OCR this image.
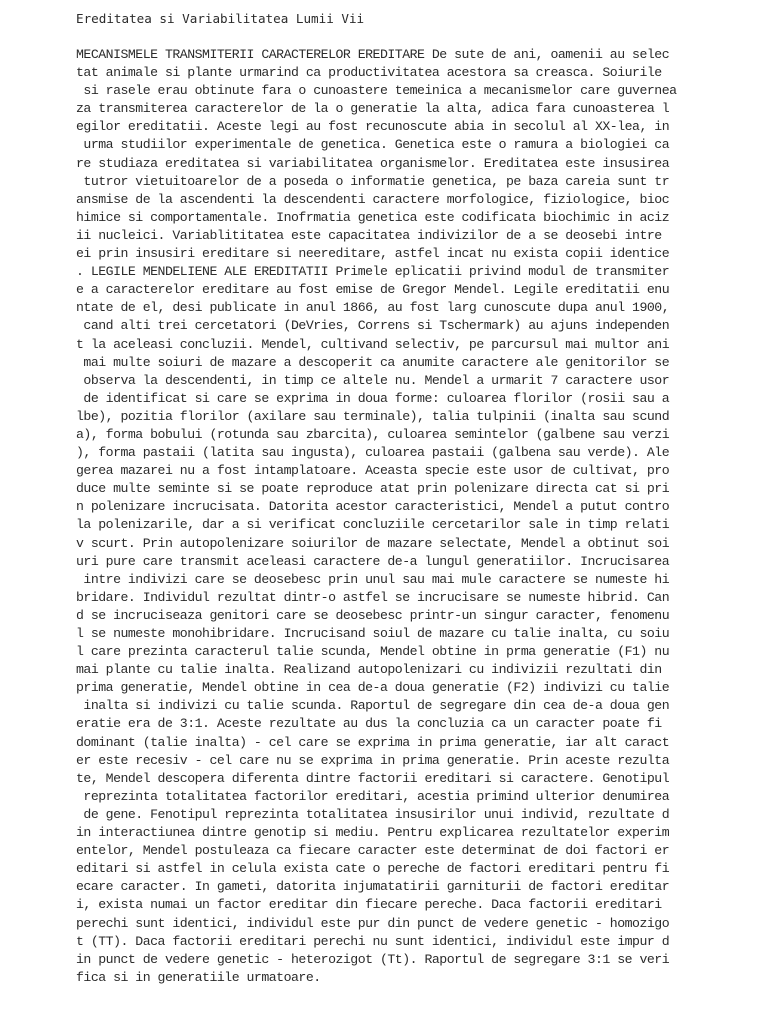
Ereditatea si Variabilitatea Lumii Vii
MECANISMELE TRANSMITERII CARACTERELOR EREDITARE De sute de ani, oamenii au selec
tat animale si plante urmarind ca productivitatea acestora sa creasca. Soiurile
si rasele erau obtinute fara o cunoastere temeinica a mecanismelor care guvernea
za transmiterea caracterelor de la o generatie la alta, adica fara cunoasterea l
egilor ereditatii. Aceste legi au fost recunoscute abia in secolul al XX-lea, in
urma studiilor experimentale de genetica. Genetica este o ramura a biologiei ca
re studiaza ereditatea si variabilitatea organismelor. Ereditatea este insusirea
tutror vietuitoarelor de a poseda o informatie genetica, pe baza careia sunt tr
ansmise de la ascendenti la descendenti caractere morfologice, fiziologice, bioc
himice si comportamentale. Inofrmatia genetica este codificata biochimic in aciz
ii nucleici. Variablititatea este capacitatea indivizilor de a se deosebi intre
ei prin insusiri ereditare si neereditare, astfel incat nu exista copii identice
. LEGILE MENDELIENE ALE EREDITATII Primele eplicatii privind modul de transmiter
e a caracterelor ereditare au fost emise de Gregor Mendel. Legile ereditatii enu
ntate de el, desi publicate in anul 1866, au fost larg cunoscute dupa anul 1900,
cand alti trei cercetatori (DeVries, Correns si Tschermark) au ajuns independen
t la aceleasi concluzii. Mendel, cultivand selectiv, pe parcursul mai multor ani
mai multe soiuri de mazare a descoperit ca anumite caractere ale genitorilor se
observa la descendenti, in timp ce altele nu. Mendel a urmarit 7 caractere usor
de identificat si care se exprima in doua forme: culoarea florilor (rosii sau a
lbe), pozitia florilor (axilare sau terminale), talia tulpinii (inalta sau scund
a), forma bobului (rotunda sau zbarcita), culoarea semintelor (galbene sau verzi
), forma pastaii (latita sau ingusta), culoarea pastaii (galbena sau verde). Ale
gerea mazarei nu a fost intamplatoare. Aceasta specie este usor de cultivat, pro
duce multe seminte si se poate reproduce atat prin polenizare directa cat si pri
n polenizare incrucisata. Datorita acestor caracteristici, Mendel a putut contro
la polenizarile, dar a si verificat concluziile cercetarilor sale in timp relati
v scurt. Prin autopolenizare soiurilor de mazare selectate, Mendel a obtinut soi
uri pure care transmit aceleasi caractere de-a lungul generatiilor. Incrucisarea
intre indivizi care se deosebesc prin unul sau mai mule caractere se numeste hi
bridare. Individul rezultat dintr-o astfel se incrucisare se numeste hibrid. Can
d se incruciseaza genitori care se deosebesc printr-un singur caracter, fenomenu
l se numeste monohibridare. Incrucisand soiul de mazare cu talie inalta, cu soiu
l care prezinta caracterul talie scunda, Mendel obtine in prma generatie (F1) nu
mai plante cu talie inalta. Realizand autopolenizari cu indivizii rezultati din
prima generatie, Mendel obtine in cea de-a doua generatie (F2) indivizi cu talie
inalta si indivizi cu talie scunda. Raportul de segregare din cea de-a doua gen
eratie era de 3:1. Aceste rezultate au dus la concluzia ca un caracter poate fi
dominant (talie inalta) - cel care se exprima in prima generatie, iar alt caract
er este recesiv - cel care nu se exprima in prima generatie. Prin aceste rezulta
te, Mendel descopera diferenta dintre factorii ereditari si caractere. Genotipul
reprezinta totalitatea factorilor ereditari, acestia primind ulterior denumirea
de gene. Fenotipul reprezinta totalitatea insusirilor unui individ, rezultate d
in interactiunea dintre genotip si mediu. Pentru explicarea rezultatelor experim
entelor, Mendel postuleaza ca fiecare caracter este determinat de doi factori er
editari si astfel in celula exista cate o pereche de factori ereditari pentru fi
ecare caracter. In gameti, datorita injumatatirii garniturii de factori ereditar
i, exista numai un factor ereditar din fiecare pereche. Daca factorii ereditari
perechi sunt identici, individul este pur din punct de vedere genetic - homozigo
t (TT). Daca factorii ereditari perechi nu sunt identici, individul este impur d
in punct de vedere genetic - heterozigot (Tt). Raportul de segregare 3:1 se veri
fica si in generatiile urmatoare.
